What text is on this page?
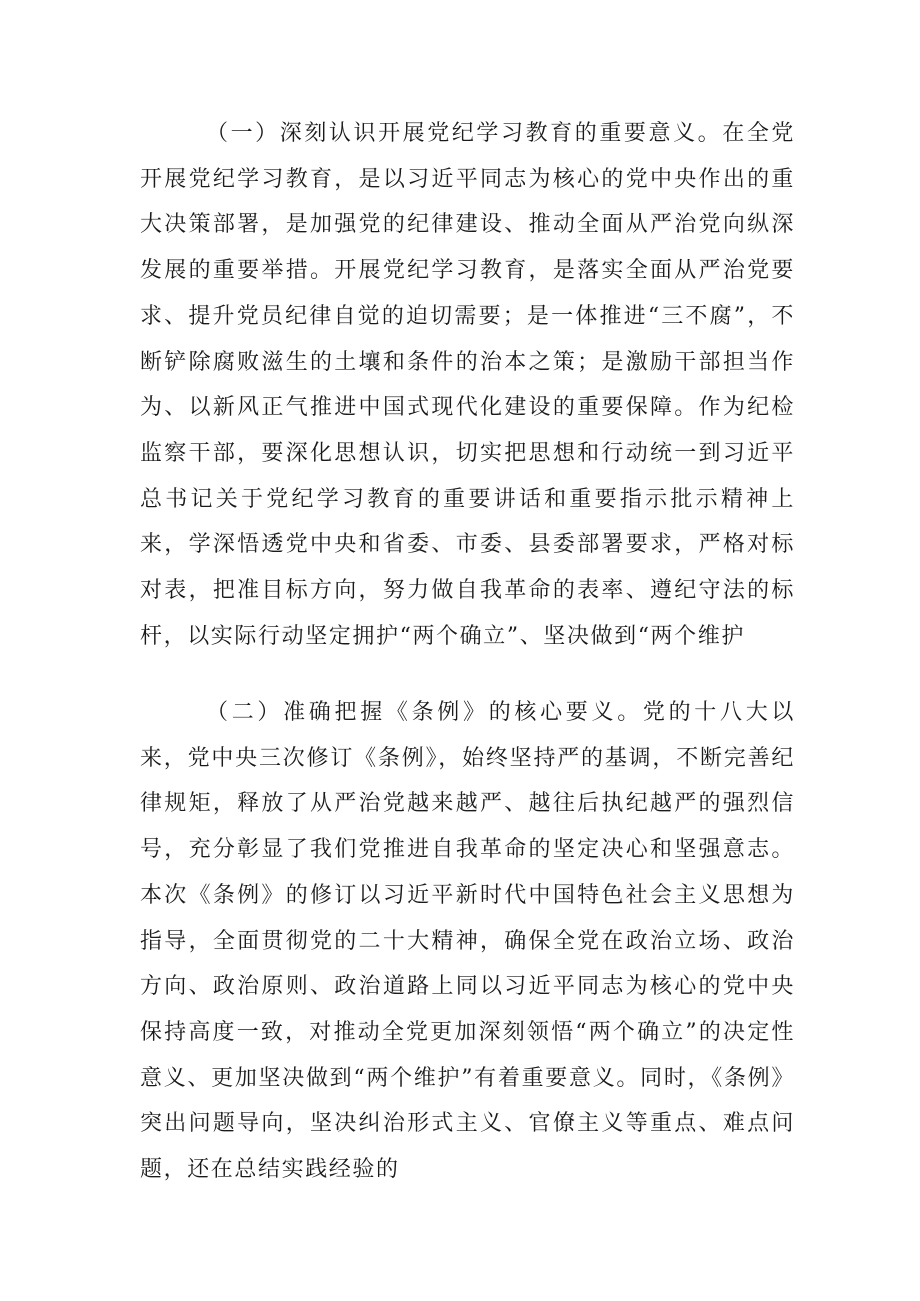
（一）深刻认识开展党纪学习教育的重要意义。在全党开展党纪学习教育，是以习近平同志为核心的党中央作出的重大决策部署，是加强党的纪律建设、推动全面从严治党向纵深发展的重要举措。开展党纪学习教育，是落实全面从严治党要求、提升党员纪律自觉的迫切需要；是一体推进“三不腐”，不断铲除腐败滋生的土壤和条件的治本之策；是激励干部担当作为、以新风正气推进中国式现代化建设的重要保障。作为纪检监察干部，要深化思想认识，切实把思想和行动统一到习近平总书记关于党纪学习教育的重要讲话和重要指示批示精神上来，学深悟透党中央和省委、市委、县委部署要求，严格对标对表，把准目标方向，努力做自我革命的表率、遵纪守法的标杆，以实际行动坚定拥护“两个确立”、坚决做到“两个维护

（二）准确把握《条例》的核心要义。党的十八大以来，党中央三次修订《条例》，始终坚持严的基调，不断完善纪律规矩，释放了从严治党越来越严、越往后执纪越严的强烈信号，充分彰显了我们党推进自我革命的坚定决心和坚强意志。本次《条例》的修订以习近平新时代中国特色社会主义思想为指导，全面贯彻党的二十大精神，确保全党在政治立场、政治方向、政治原则、政治道路上同以习近平同志为核心的党中央保持高度一致，对推动全党更加深刻领悟“两个确立”的决定性意义、更加坚决做到“两个维护”有着重要意义。同时，《条例》突出问题导向，坚决纠治形式主义、官僚主义等重点、难点问题，还在总结实践经验的
